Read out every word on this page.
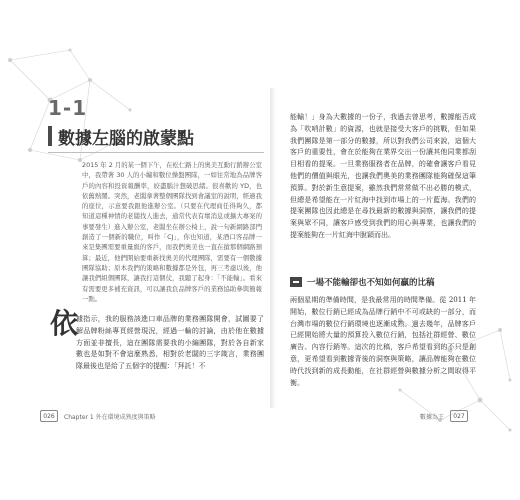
1-1
數據左腦的啟蒙點

2015 年 2 月的某一個下午，在松仁路上的奧美互動行銷辦公室中，我帶著 30 人的小編和數位操盤團隊，一如往常地為品牌客戶的內容和投資報酬率，絞盡腦汁想破思緒。很喜歡的 YD，也依舊熱鬧。突然，老闆拿著整個團隊找到會議室的說明，經過我的座位，示意要我跟他進辦公室。（只要在代理商任得夠久，都知道這種神情的老闆找人進去，通常代表有壞消息或擴大專案的事要發生）進入辦公室，老闆坐在辦公椅上，說一句新網路部門創造了一個新的職位，叫作「CJ」，你也知道，某酒口客品牌一來是集團需要重量級的客戶，而我們奧美也一直在搶那個網路預算；最近，他們開始要重新找奧美的代理團隊，需要有一個數據團隊協助；原本我們的策略和數據都是外包，再三考慮以後，他讓我們組個團隊，讓我打這個仗，我聽了起身：「不能輸」。看來有需要更多補充資訊，可以讓我負品牌客戶的業務協助參與簡報一點。

依

據指示，我的服務該進口車品牌的業務團隊開會，試圖要了解品牌粉絲專頁經營現況，經過一輪的討論，由於他在數據方面並非擅長，這在團隊需要我的小編團隊，對於各自新家數也是如對不會這麼熟悉，相對於老闆的三字箴言，業務團隊最後也是給了五個字的提醒：「拜託！不

026	Chapter 1 外在環境成熟度與策略

能輸！」身為大數據的一份子，我過去曾思考，數據能否成為「吹哨計數」的資源，也就是接受大客戶的挑戰，但如果我們團隊是第一部分的數據，所以對我們公司來說，這個大客戶的重要性，會在於能夠在業界交出一份讓其他同業都刮目相看的提案。一旦業務服務者在品牌，的確會讓客戶看見他們的價值與眼光，也讓我們奧美的業務團隊能夠確保這筆預算。對於新生意提案，雖然我們常常做不出必勝的模式，但總是希望能在一片紅海中找到市場上的一片藍海。我們的提案團隊也因此總是在尋找最新的數據與洞察，讓我們的提案與眾不同，讓客戶感受到我們的用心與專業，也讓我們的提案能夠在一片紅海中脫穎而出。

一場不能輸卻也不知如何贏的比稿

兩個星期的準備時間，是我最常用的時間準備。從 2011 年開始，數位行銷已經成為品牌行銷中不可或缺的一部分，而台灣市場的數位行銷環境也逐漸成熟。過去幾年，品牌客戶已經開始將大量的預算投入數位行銷，包括社群經營、數位廣告、內容行銷等。這次的比稿，客戶希望看到的不只是創意，更希望看到數據背後的洞察與策略，讓品牌能夠在數位時代找到新的成長動能，在社群經營與數據分析之間取得平衡。

數據為王	027
